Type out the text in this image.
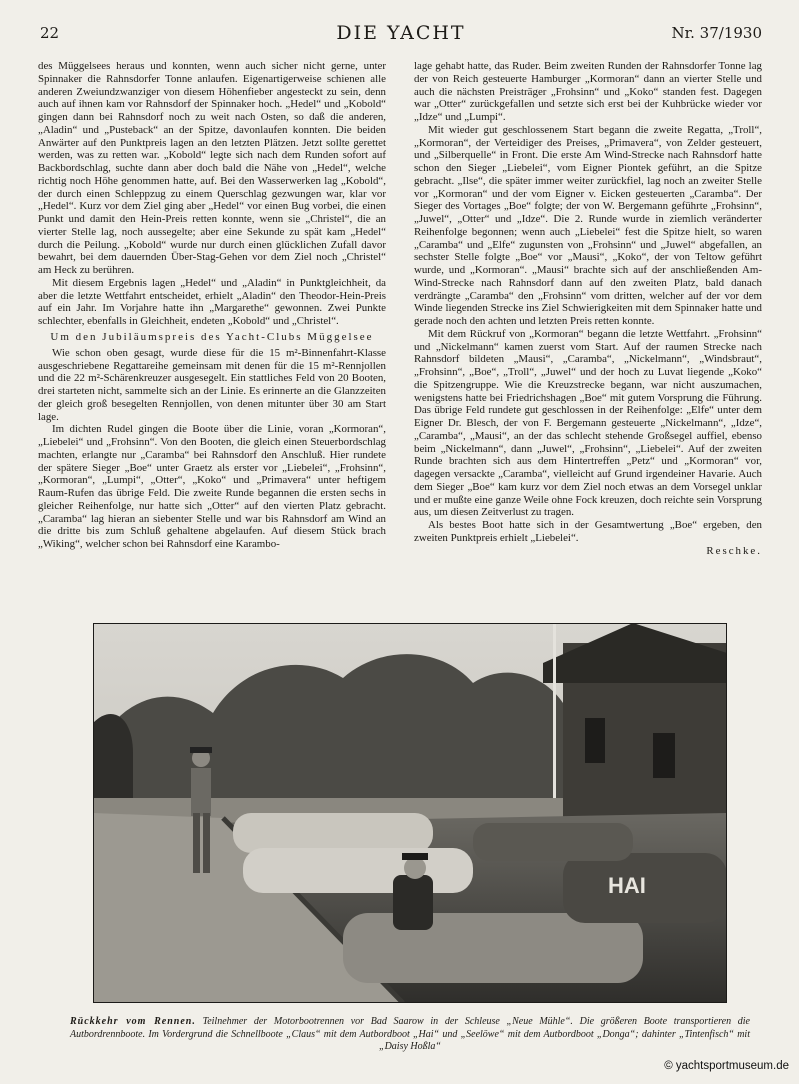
22	DIE YACHT	Nr. 37/1930

des Müggelsees heraus und konnten, wenn auch sicher nicht gerne, unter Spinnaker die Rahnsdorfer Tonne anlaufen. Eigenartigerweise schienen alle anderen Zweiundzwanziger von diesem Höhenfieber angesteckt zu sein, denn auch auf ihnen kam vor Rahnsdorf der Spinnaker hoch. „Hedel“ und „Kobold“ gingen dann bei Rahnsdorf noch zu weit nach Osten, so daß die anderen, „Aladin“ und „Pusteback“ an der Spitze, davonlaufen konnten. Die beiden Anwärter auf den Punktpreis lagen an den letzten Plätzen. Jetzt sollte gerettet werden, was zu retten war. „Kobold“ legte sich nach dem Runden sofort auf Backbordschlag, suchte dann aber doch bald die Nähe von „Hedel“, welche richtig noch Höhe genommen hatte, auf. Bei den Wasserwerken lag „Kobold“, der durch einen Schleppzug zu einem Querschlag gezwungen war, klar vor „Hedel“. Kurz vor dem Ziel ging aber „Hedel“ vor einen Bug vorbei, die einen Punkt und damit den Hein-Preis retten konnte, wenn sie „Christel“, die an vierter Stelle lag, noch aussegelte; aber eine Sekunde zu spät kam „Hedel“ durch die Peilung. „Kobold“ wurde nur durch einen glücklichen Zufall davor bewahrt, bei dem dauernden Über-Stag-Gehen vor dem Ziel noch „Christel“ am Heck zu berühren.

Mit diesem Ergebnis lagen „Hedel“ und „Aladin“ in Punktgleichheit, da aber die letzte Wettfahrt entscheidet, erhielt „Aladin“ den Theodor-Hein-Preis auf ein Jahr. Im Vorjahre hatte ihn „Margarethe“ gewonnen. Zwei Punkte schlechter, ebenfalls in Gleichheit, endeten „Kobold“ und „Christel“.

Um den Jubiläumspreis des Yacht-Clubs Müggelsee

Wie schon oben gesagt, wurde diese für die 15 m²-Binnenfahrt-Klasse ausgeschriebene Regattareihe gemeinsam mit denen für die 15 m²-Rennjollen und die 22 m²-Schärenkreuzer ausgesegelt. Ein stattliches Feld von 20 Booten, drei starteten nicht, sammelte sich an der Linie. Es erinnerte an die Glanzzeiten der gleich groß besegelten Rennjollen, von denen mitunter über 30 am Start lage.

Im dichten Rudel gingen die Boote über die Linie, voran „Kormoran“, „Liebelei“ und „Frohsinn“. Von den Booten, die gleich einen Steuerbordschlag machten, erlangte nur „Caramba“ bei Rahnsdorf den Anschluß. Hier rundete der spätere Sieger „Boe“ unter Graetz als erster vor „Liebelei“, „Frohsinn“, „Kormoran“, „Lumpi“, „Otter“, „Koko“ und „Primavera“ unter heftigem Raum-Rufen das übrige Feld. Die zweite Runde begannen die ersten sechs in gleicher Reihenfolge, nur hatte sich „Otter“ auf den vierten Platz gebracht. „Caramba“ lag hieran an siebenter Stelle und war bis Rahnsdorf am Wind an die dritte bis zum Schluß gehaltene abgelaufen. Auf diesem Stück brach „Wiking“, welcher schon bei Rahnsdorf eine Karambo-

lage gehabt hatte, das Ruder. Beim zweiten Runden der Rahnsdorfer Tonne lag der von Reich gesteuerte Hamburger „Kormoran“ dann an vierter Stelle und auch die nächsten Preisträger „Frohsinn“ und „Koko“ standen fest. Dagegen war „Otter“ zurückgefallen und setzte sich erst bei der Kuhbrücke wieder vor „Idze“ und „Lumpi“.

Mit wieder gut geschlossenem Start begann die zweite Regatta, „Troll“, „Kormoran“, der Verteidiger des Preises, „Primavera“, von Zelder gesteuert, und „Silberquelle“ in Front. Die erste Am Wind-Strecke nach Rahnsdorf hatte schon den Sieger „Liebelei“, vom Eigner Piontek geführt, an die Spitze gebracht. „Ilse“, die später immer weiter zurückfiel, lag noch an zweiter Stelle vor „Kormoran“ und der vom Eigner v. Eicken gesteuerten „Caramba“. Der Sieger des Vortages „Boe“ folgte; der von W. Bergemann geführte „Frohsinn“, „Juwel“, „Otter“ und „Idze“. Die 2. Runde wurde in ziemlich veränderter Reihenfolge begonnen; wenn auch „Liebelei“ fest die Spitze hielt, so waren „Caramba“ und „Elfe“ zugunsten von „Frohsinn“ und „Juwel“ abgefallen, an sechster Stelle folgte „Boe“ vor „Mausi“, „Koko“, der von Teltow geführt wurde, und „Kormoran“. „Mausi“ brachte sich auf der anschließenden Am-Wind-Strecke nach Rahnsdorf dann auf den zweiten Platz, bald danach verdrängte „Caramba“ den „Frohsinn“ vom dritten, welcher auf der vor dem Winde liegenden Strecke ins Ziel Schwierigkeiten mit dem Spinnaker hatte und gerade noch den achten und letzten Preis retten konnte.

Mit dem Rückruf von „Kormoran“ begann die letzte Wettfahrt. „Frohsinn“ und „Nickelmann“ kamen zuerst vom Start. Auf der raumen Strecke nach Rahnsdorf bildeten „Mausi“, „Caramba“, „Nickelmann“, „Windsbraut“, „Frohsinn“, „Boe“, „Troll“, „Juwel“ und der hoch zu Luvat liegende „Koko“ die Spitzengruppe. Wie die Kreuzstrecke begann, war nicht auszumachen, wenigstens hatte bei Friedrichshagen „Boe“ mit gutem Vorsprung die Führung. Das übrige Feld rundete gut geschlossen in der Reihenfolge: „Elfe“ unter dem Eigner Dr. Blesch, der von F. Bergemann gesteuerte „Nickelmann“, „Idze“, „Caramba“, „Mausi“, an der das schlecht stehende Großsegel auffiel, ebenso beim „Nickelmann“, dann „Juwel“, „Frohsinn“, „Liebelei“. Auf der zweiten Runde brachten sich aus dem Hintertreffen „Petz“ und „Kormoran“ vor, dagegen versackte „Caramba“, vielleicht auf Grund irgendeiner Havarie. Auch dem Sieger „Boe“ kam kurz vor dem Ziel noch etwas an dem Vorsegel unklar und er mußte eine ganze Weile ohne Fock kreuzen, doch reichte sein Vorsprung aus, um diesen Zeitverlust zu tragen.

Als bestes Boot hatte sich in der Gesamtwertung „Boe“ ergeben, den zweiten Punktpreis erhielt „Liebelei“.

Reschke.
HAI
Rückkehr vom Rennen. Teilnehmer der Motorbootrennen vor Bad Saarow in der Schleuse „Neue Mühle“. Die größeren Boote transportieren die Autbordrennboote. Im Vordergrund die Schnellboote „Claus“ mit dem Autbordboot „Hai“ und „Seelöwe“ mit dem Autbordboot „Donga“; dahinter „Tintenfisch“ mit „Daisy Hoßla“
© yachtsportmuseum.de
